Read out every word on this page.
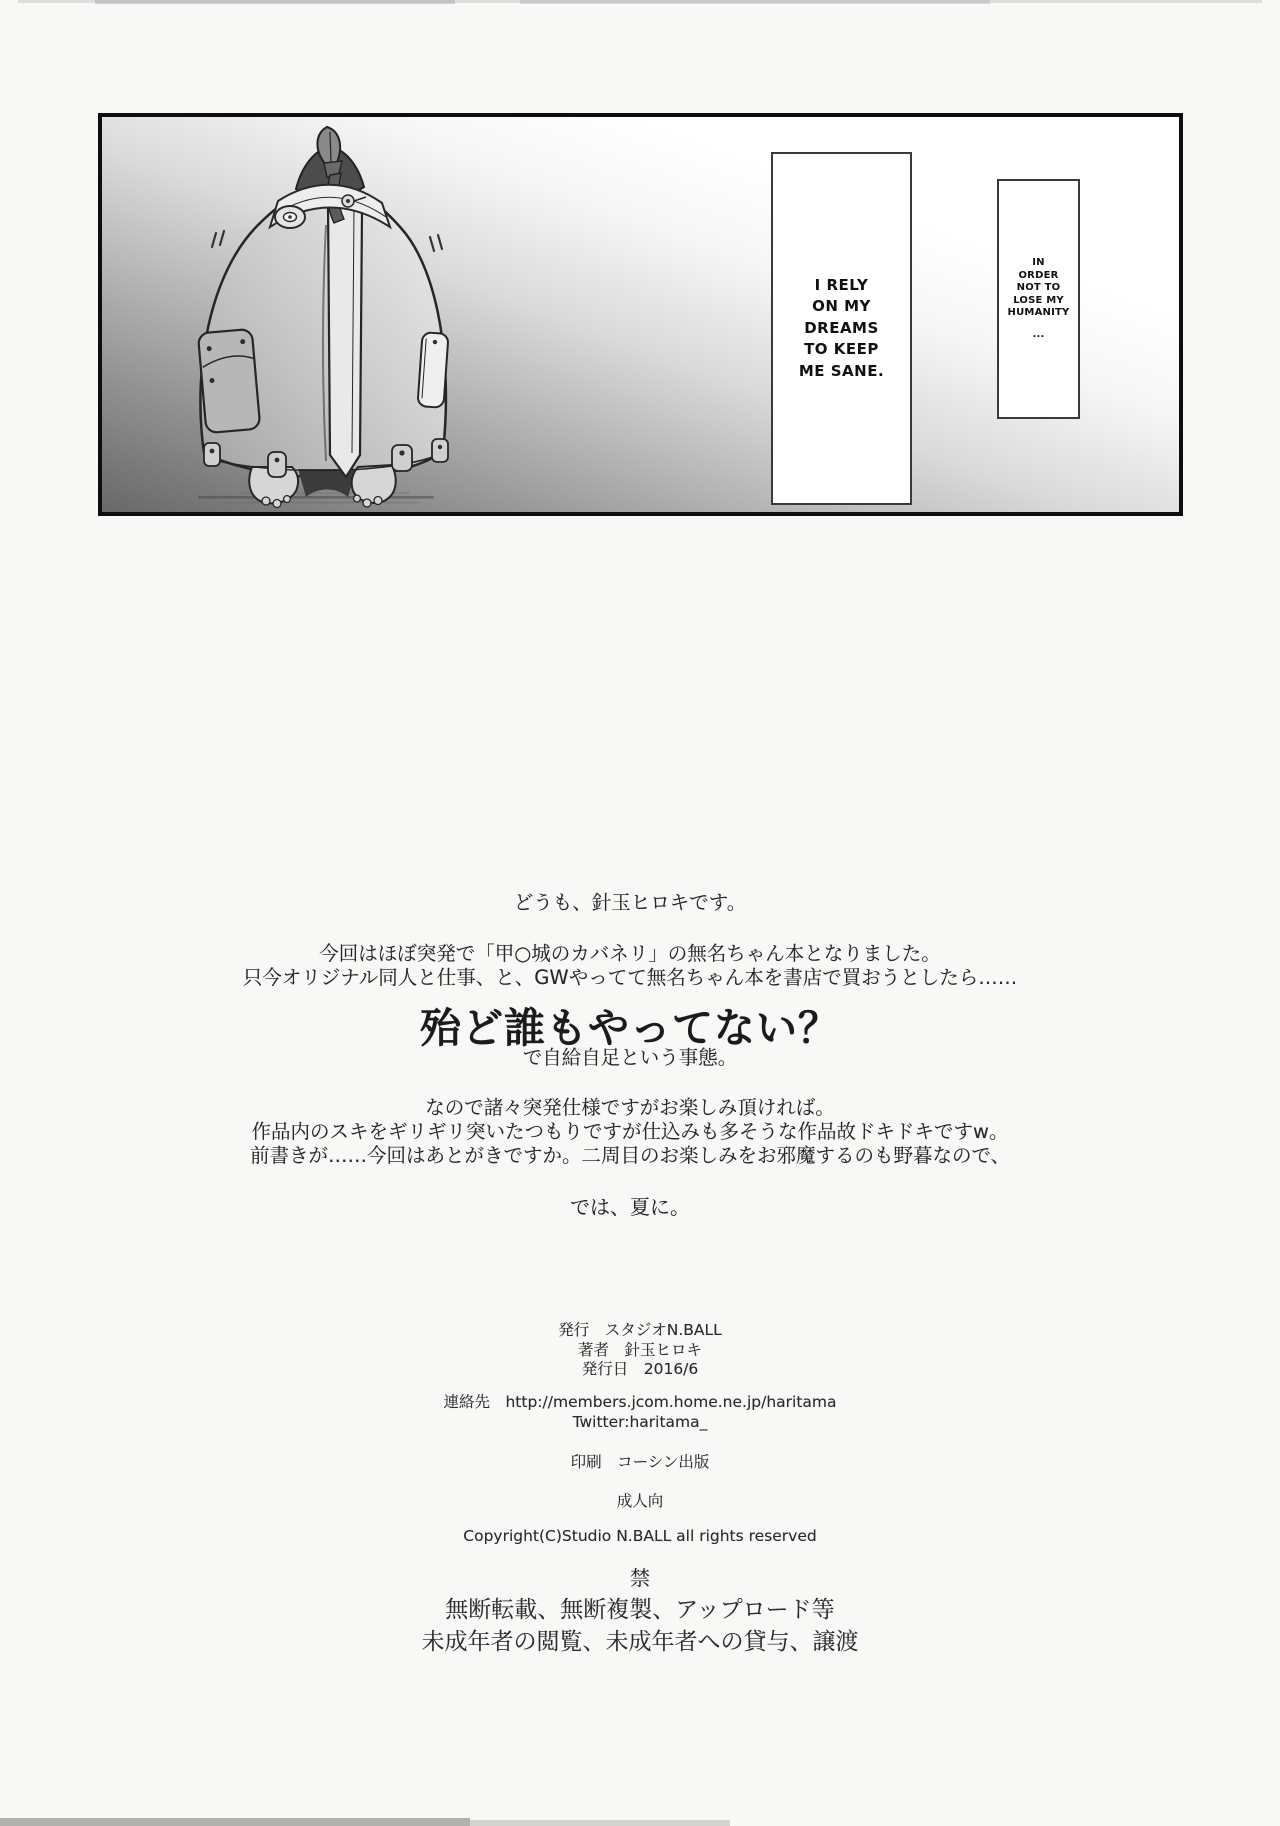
I RELY
ON MY
DREAMS
TO KEEP
ME SANE.
IN
ORDER
NOT TO
LOSE MY
HUMANITY
...
どうも、針玉ヒロキです。
今回はほぼ突発で「甲○城のカバネリ」の無名ちゃん本となりました。
只今オリジナル同人と仕事、と、GWやってて無名ちゃん本を書店で買おうとしたら……
殆ど誰もやってない？
で自給自足という事態。
なので諸々突発仕様ですがお楽しみ頂ければ。
作品内のスキをギリギリ突いたつもりですが仕込みも多そうな作品故ドキドキですw。
前書きが……今回はあとがきですか。二周目のお楽しみをお邪魔するのも野暮なので、
では、夏に。
発行　スタジオN.BALL
著者　針玉ヒロキ
発行日　2016/6
連絡先　http://members.jcom.home.ne.jp/haritama
Twitter:haritama_
印刷　コーシン出版
成人向
Copyright(C)Studio N.BALL all rights reserved
禁
無断転載、無断複製、アップロード等
未成年者の閲覧、未成年者への貸与、譲渡
